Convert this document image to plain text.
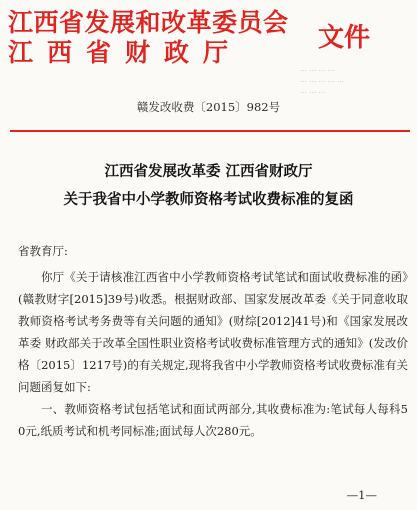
江西省发展和改革委员会
江西省财政厅	文件
⋯ ⋯ ⋯ ⋯
⋯ ⋯ ⋯ ⋯ ⋯
⋯ ⋯ ⋯
赣发改收费〔2015〕982号
江西省发展改革委 江西省财政厅
关于我省中小学教师资格考试收费标准的复函
省教育厅:

你厅《关于请核准江西省中小学教师资格考试笔试和面试收费标准的函》(赣教财字[2015]39号)收悉。根据财政部、国家发展改革委《关于同意收取教师资格考试考务费等有关问题的通知》(财综[2012]41号)和《国家发展改革委 财政部关于改革全国性职业资格考试收费标准管理方式的通知》(发改价格〔2015〕1217号)的有关规定,现将我省中小学教师资格考试收费标准有关问题函复如下:

一、教师资格考试包括笔试和面试两部分,其收费标准为:笔试每人每科50元,纸质考试和机考同标准;面试每人次280元。

—1—
